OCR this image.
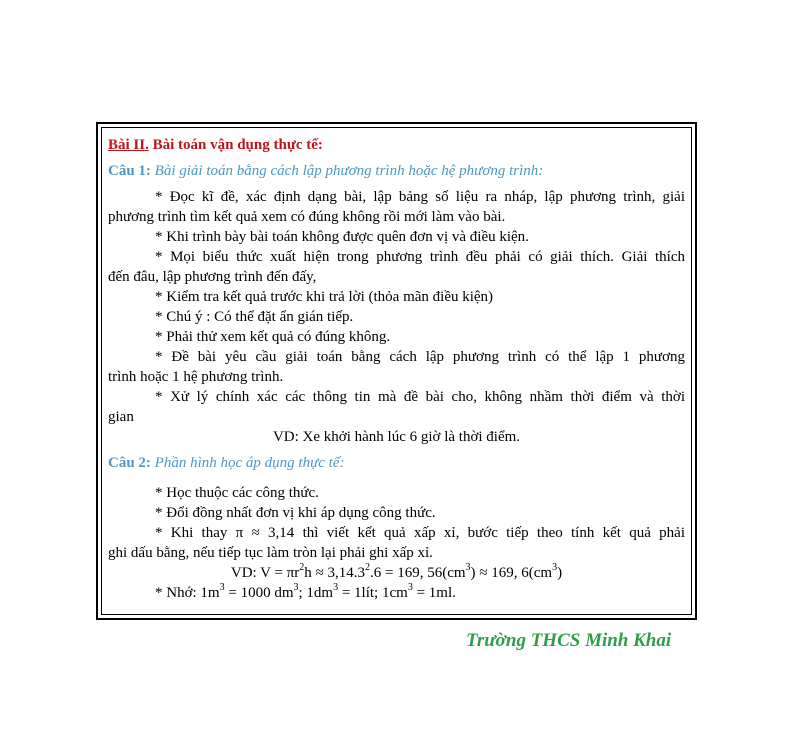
Bài II. Bài toán vận dụng thực tế:
Câu 1: Bài giải toán bằng cách lập phương trình hoặc hệ phương trình:
* Đọc kĩ đề, xác định dạng bài, lập bảng số liệu ra nháp, lập phương trình, giải
phương trình tìm kết quả xem có đúng không rồi mới làm vào bài.
* Khi trình bày bài toán không được quên đơn vị và điều kiện.
* Mọi biểu thức xuất hiện trong phương trình đều phải có giải thích. Giải thích
đến đâu, lập phương trình đến đấy,
* Kiểm tra kết quả trước khi trả lời (thỏa mãn điều kiện)
* Chú ý : Có thể đặt ẩn gián tiếp.
* Phải thử xem kết quả có đúng không.
* Đề bài yêu cầu giải toán bằng cách lập phương trình có thể lập 1 phương
trình hoặc 1 hệ phương trình.
* Xử lý chính xác các thông tin mà đề bài cho, không nhầm thời điểm và thời
gian
VD: Xe khởi hành lúc 6 giờ là thời điểm.
Câu 2: Phần hình học áp dụng thực tế:
* Học thuộc các công thức.
* Đổi đồng nhất đơn vị khi áp dụng công thức.
* Khi thay π ≈ 3,14 thì viết kết quả xấp xỉ, bước tiếp theo tính kết quả phải
ghi dấu bằng, nếu tiếp tục làm tròn lại phải ghi xấp xỉ.
VD: $V = \pi r^2h \approx 3,14.3^2.6 = 169$, $56(cm^3) \approx 169$, $6(cm^3)$
* Nhớ: $1m^3 = 1000$ $dm^3$; $1dm^3$ = 1lít; $1cm^3 = 1ml$.
Trường THCS Minh Khai
